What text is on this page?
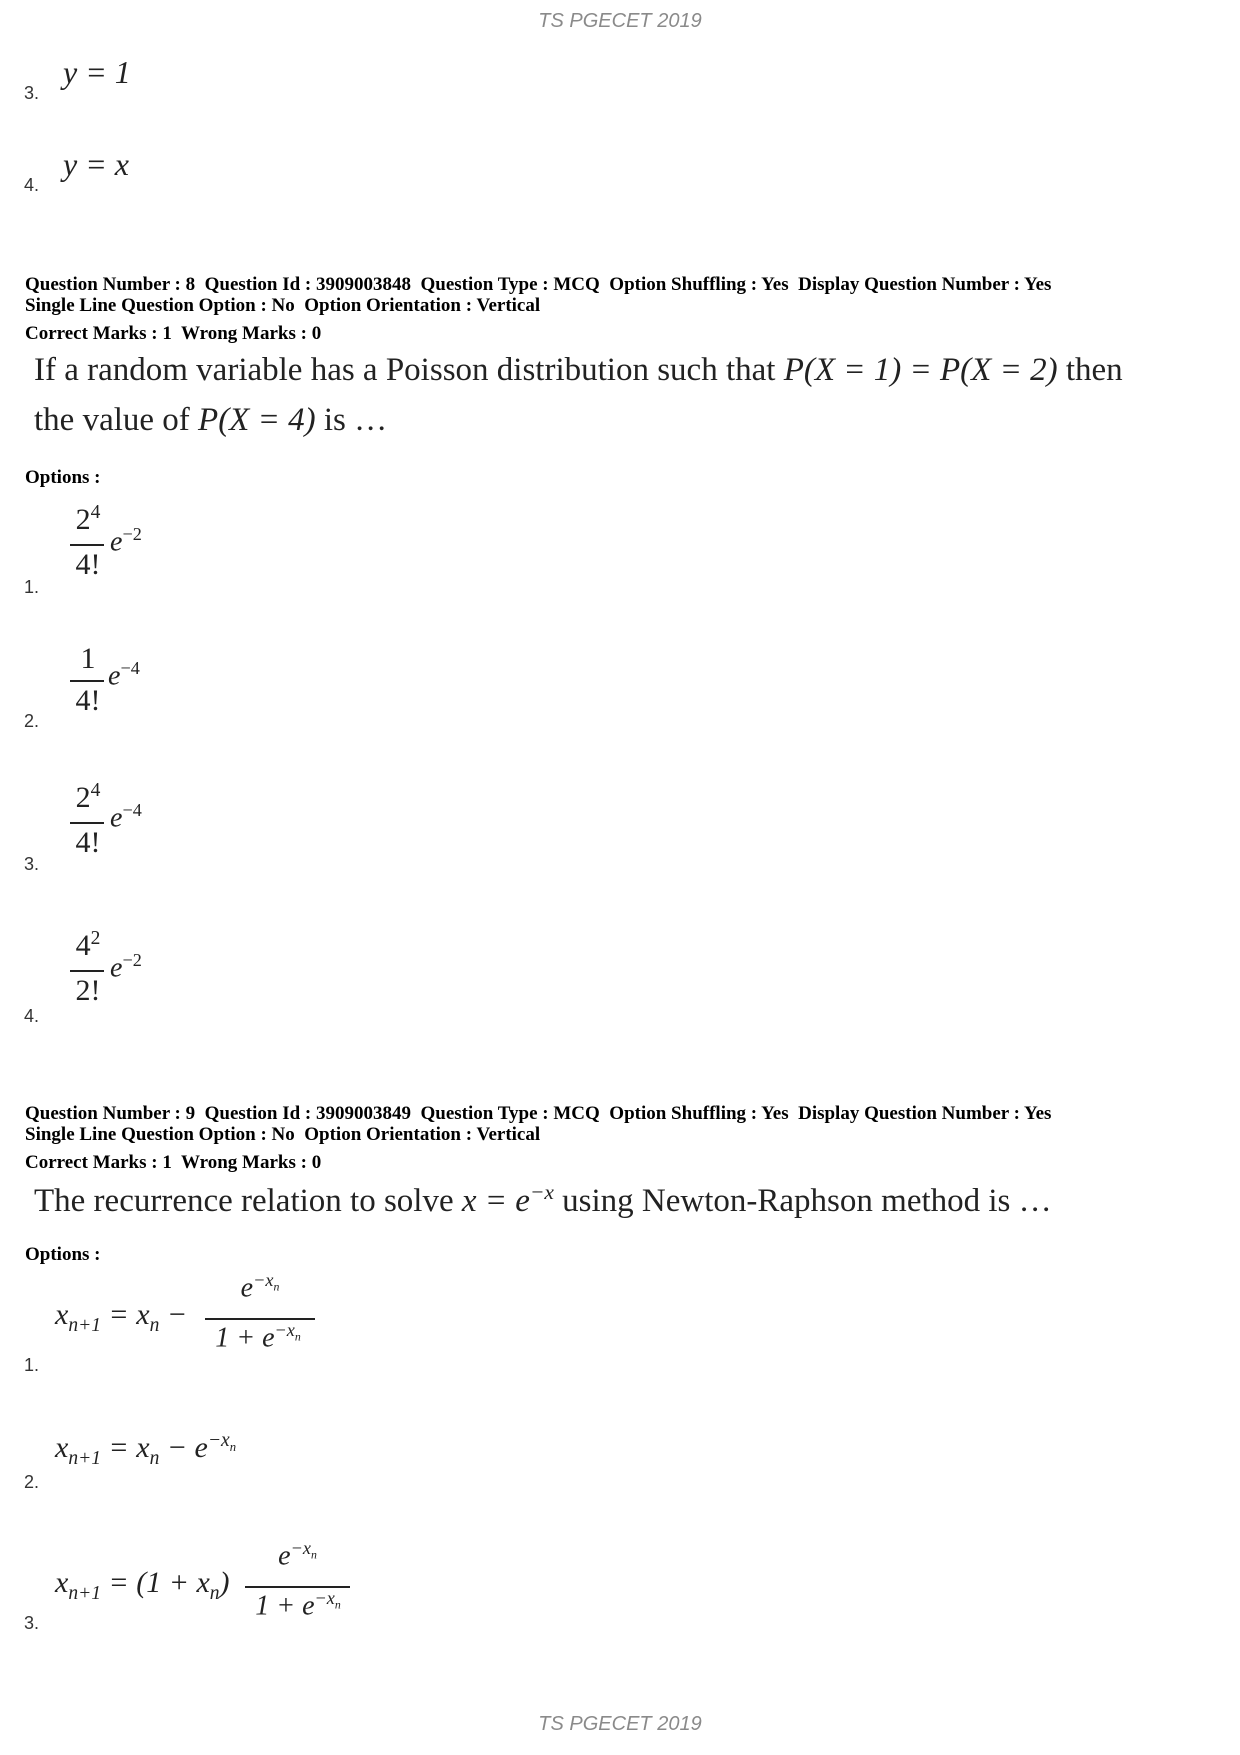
TS PGECET 2019
3.
y = 1
4.
y = x
Question Number : 8  Question Id : 3909003848  Question Type : MCQ  Option Shuffling : Yes  Display Question Number : Yes
Single Line Question Option : No  Option Orientation : Vertical
Correct Marks : 1  Wrong Marks : 0
If a random variable has a Poisson distribution such that P(X = 1) = P(X = 2) then
the value of P(X = 4) is …
Options :
1.
$2^4$
4!
$e^{-2}$
2.
1
4!
$e^{-4}$
3.
$2^4$
4!
$e^{-4}$
4.
$4^2$
2!
$e^{-2}$
Question Number : 9  Question Id : 3909003849  Question Type : MCQ  Option Shuffling : Yes  Display Question Number : Yes
Single Line Question Option : No  Option Orientation : Vertical
Correct Marks : 1  Wrong Marks : 0
The recurrence relation to solve $x = e^{-x}$ using Newton-Raphson method is …
Options :
1.
$x_{n+1} = x_n$ −
$e^{-x_n}$
$1 + e^{-x_n}$
2.
$x_{n+1} = x_n - e^{-x_n}$
3.
$x_{n+1} = (1 + x_n)$
$e^{-x_n}$
$1 + e^{-x_n}$
TS PGECET 2019
